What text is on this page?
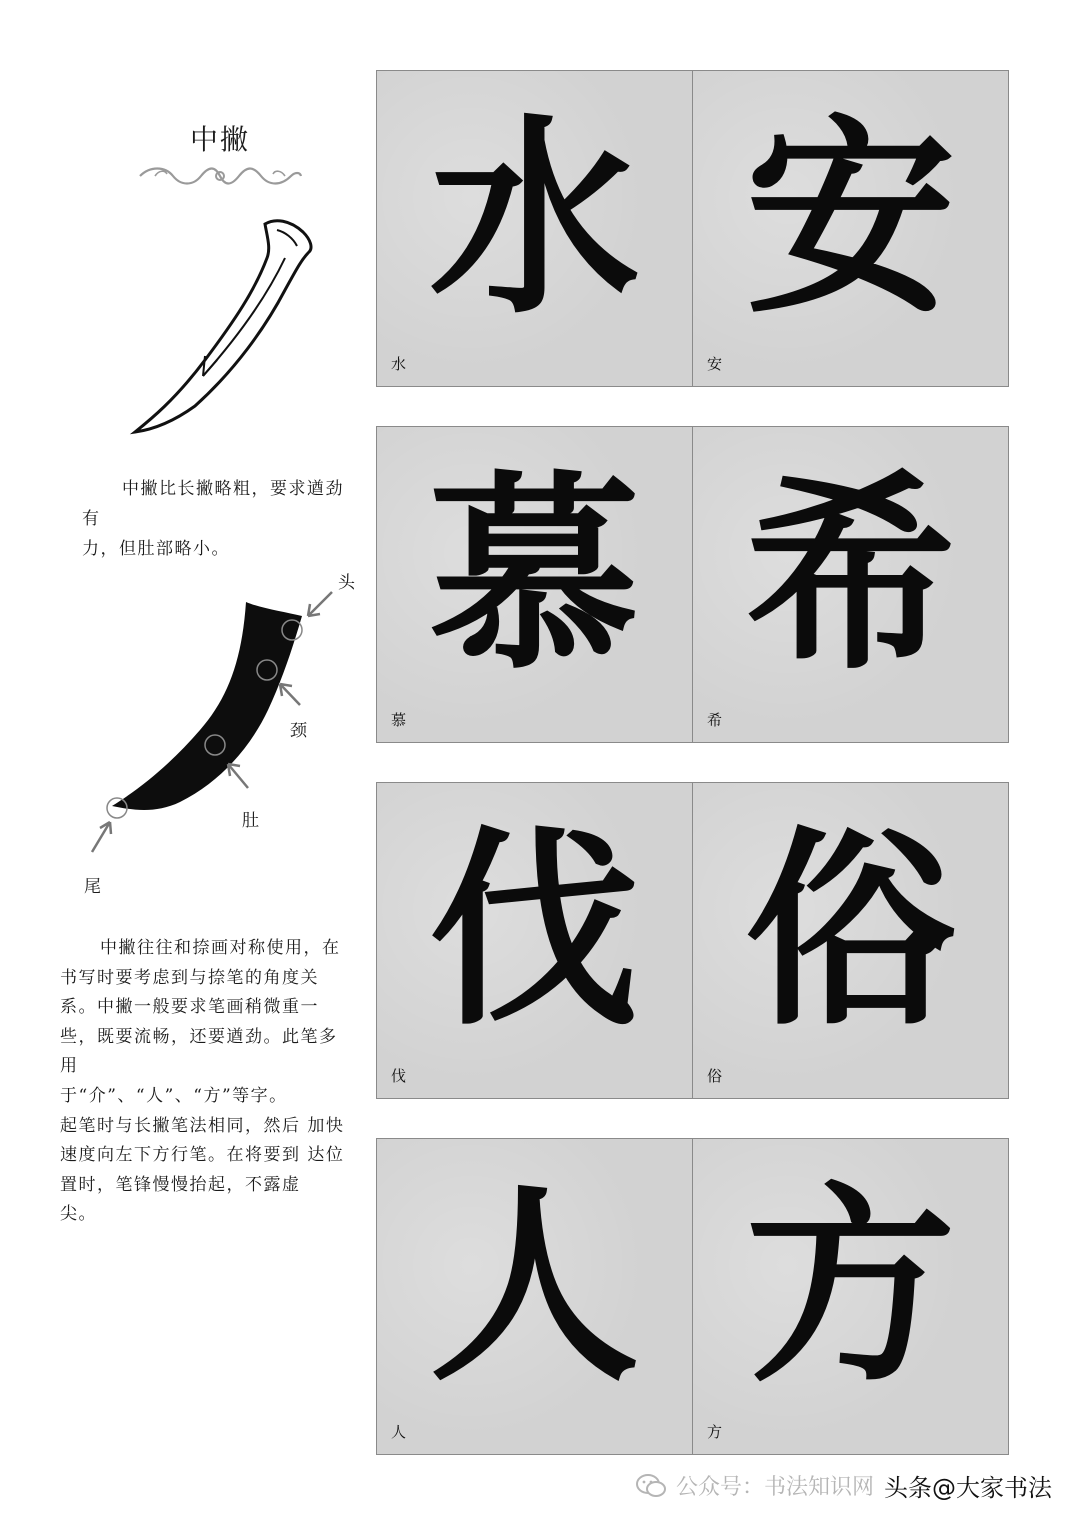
中撇
中撇比长撇略粗，要求遒劲有
力，但肚部略小。
头
颈
肚
尾
中撇往往和捺画对称使用，在
书写时要考虑到与捺笔的角度关
系。中撇一般要求笔画稍微重一
些，既要流畅，还要遒劲。此笔多用
于“介”、“人”、“方”等字。
起笔时与长撇笔法相同，然后 加快
速度向左下方行笔。在将要到 达位
置时，笔锋慢慢抬起，不露虚
尖。
水
水
安
安
慕
慕
希
希
伐
伐
俗
俗
人
人
方
方
公众号：书法知识网 头条@大家书法
